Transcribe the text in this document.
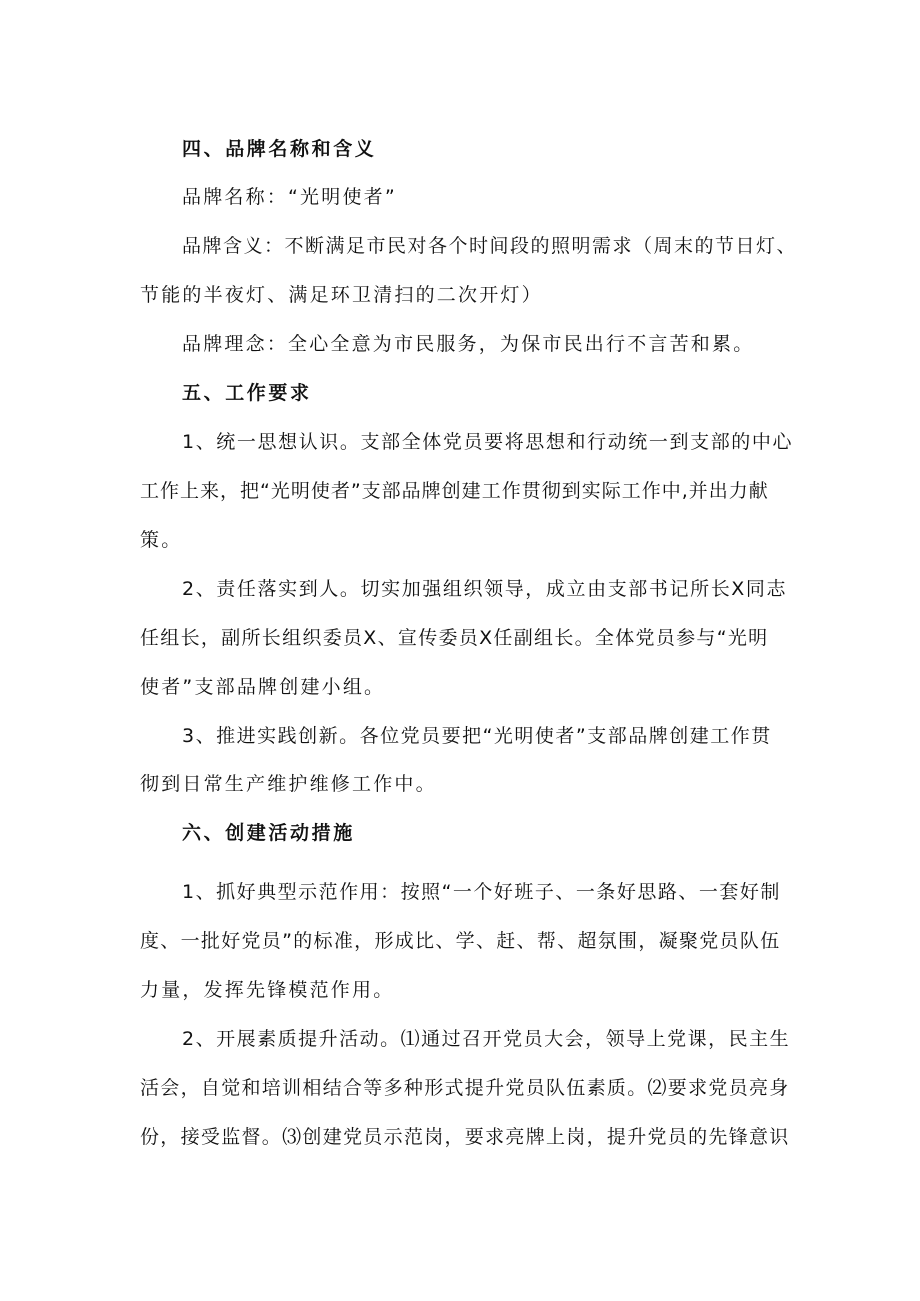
四、品牌名称和含义
品牌名称：“光明使者”
品牌含义：不断满足市民对各个时间段的照明需求（周末的节日灯、
节能的半夜灯、满足环卫清扫的二次开灯）
品牌理念：全心全意为市民服务，为保市民出行不言苦和累。
五、工作要求
1、统一思想认识。支部全体党员要将思想和行动统一到支部的中心
工作上来，把“光明使者”支部品牌创建工作贯彻到实际工作中,并出力献
策。
2、责任落实到人。切实加强组织领导，成立由支部书记所长X同志
任组长，副所长组织委员X、宣传委员X任副组长。全体党员参与“光明
使者”支部品牌创建小组。
3、推进实践创新。各位党员要把“光明使者”支部品牌创建工作贯
彻到日常生产维护维修工作中。
六、创建活动措施
1、抓好典型示范作用：按照“一个好班子、一条好思路、一套好制
度、一批好党员”的标准，形成比、学、赶、帮、超氛围，凝聚党员队伍
力量，发挥先锋模范作用。
2、开展素质提升活动。⑴通过召开党员大会，领导上党课，民主生
活会，自觉和培训相结合等多种形式提升党员队伍素质。⑵要求党员亮身
份，接受监督。⑶创建党员示范岗，要求亮牌上岗，提升党员的先锋意识
